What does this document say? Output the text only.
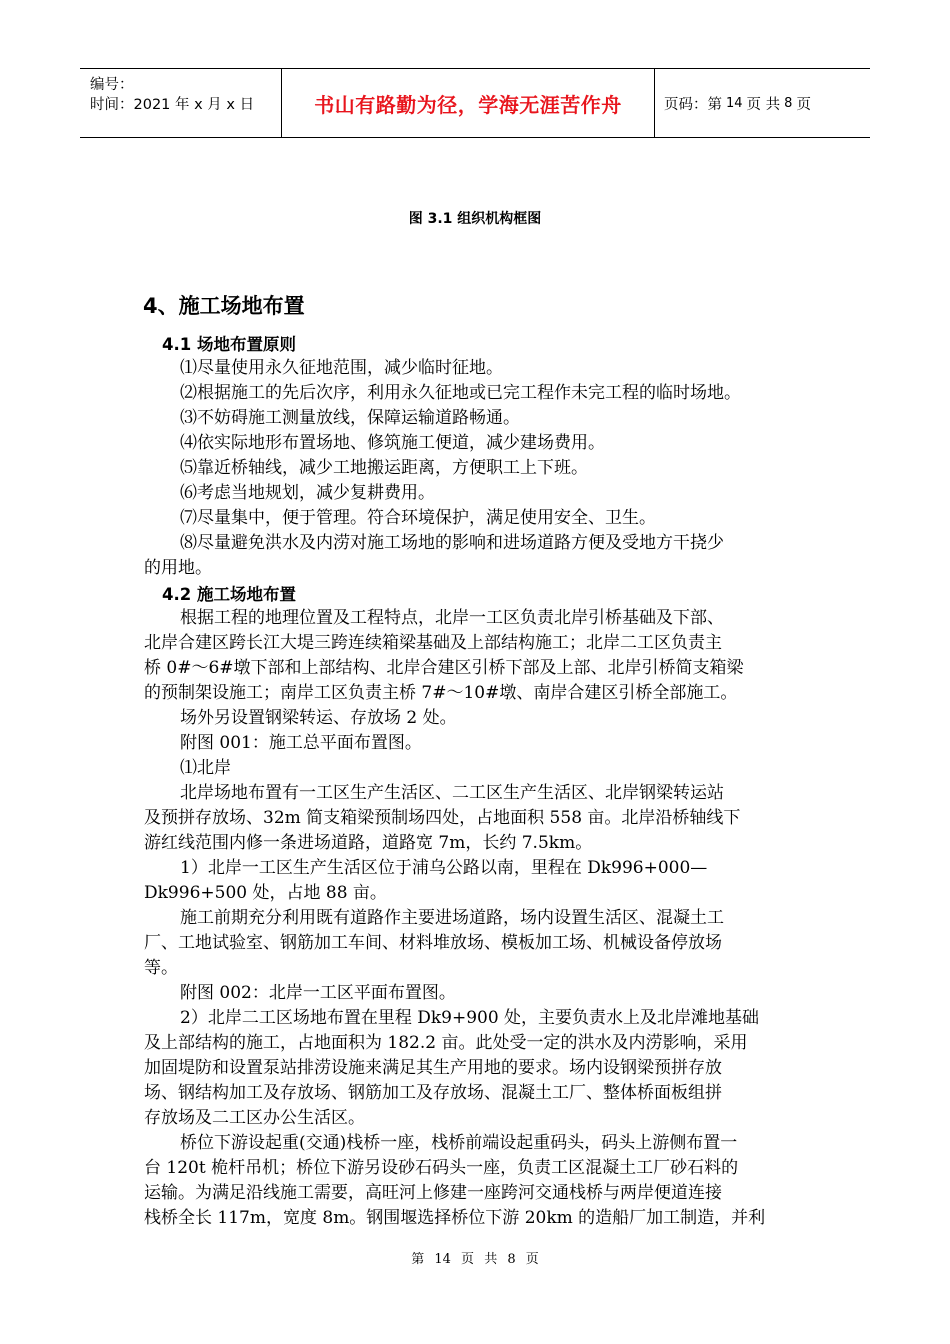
编号：
时间：2021 年 x 月 x 日	书山有路勤为径，学海无涯苦作舟	页码：第 14 页 共 8 页
图 3.1 组织机构框图
4、施工场地布置
4.1 场地布置原则
⑴尽量使用永久征地范围，减少临时征地。
⑵根据施工的先后次序，利用永久征地或已完工程作未完工程的临时场地。
⑶不妨碍施工测量放线，保障运输道路畅通。
⑷依实际地形布置场地、修筑施工便道，减少建场费用。
⑸靠近桥轴线，减少工地搬运距离，方便职工上下班。
⑹考虑当地规划，减少复耕费用。
⑺尽量集中，便于管理。符合环境保护，满足使用安全、卫生。
⑻尽量避免洪水及内涝对施工场地的影响和进场道路方便及受地方干挠少
的用地。
4.2 施工场地布置
根据工程的地理位置及工程特点，北岸一工区负责北岸引桥基础及下部、
北岸合建区跨长江大堤三跨连续箱梁基础及上部结构施工；北岸二工区负责主
桥 0#～6#墩下部和上部结构、北岸合建区引桥下部及上部、北岸引桥简支箱梁
的预制架设施工；南岸工区负责主桥 7#～10#墩、南岸合建区引桥全部施工。
场外另设置钢梁转运、存放场 2 处。
附图 001：施工总平面布置图。
⑴北岸
北岸场地布置有一工区生产生活区、二工区生产生活区、北岸钢梁转运站
及预拼存放场、32m 简支箱梁预制场四处，占地面积 558 亩。北岸沿桥轴线下
游红线范围内修一条进场道路，道路宽 7m，长约 7.5km。
1）北岸一工区生产生活区位于浦乌公路以南，里程在 Dk996+000—
Dk996+500 处，占地 88 亩。
施工前期充分利用既有道路作主要进场道路，场内设置生活区、混凝土工
厂、工地试验室、钢筋加工车间、材料堆放场、模板加工场、机械设备停放场
等。
附图 002：北岸一工区平面布置图。
2）北岸二工区场地布置在里程 Dk9+900 处，主要负责水上及北岸滩地基础
及上部结构的施工，占地面积为 182.2 亩。此处受一定的洪水及内涝影响，采用
加固堤防和设置泵站排涝设施来满足其生产用地的要求。场内设钢梁预拼存放
场、钢结构加工及存放场、钢筋加工及存放场、混凝土工厂、整体桥面板组拼
存放场及二工区办公生活区。
桥位下游设起重(交通)栈桥一座，栈桥前端设起重码头，码头上游侧布置一
台 120t 桅杆吊机；桥位下游另设砂石码头一座，负责工区混凝土工厂砂石料的
运输。为满足沿线施工需要，高旺河上修建一座跨河交通栈桥与两岸便道连接
栈桥全长 117m，宽度 8m。钢围堰选择桥位下游 20km 的造船厂加工制造，并利
第 14 页 共 8 页
